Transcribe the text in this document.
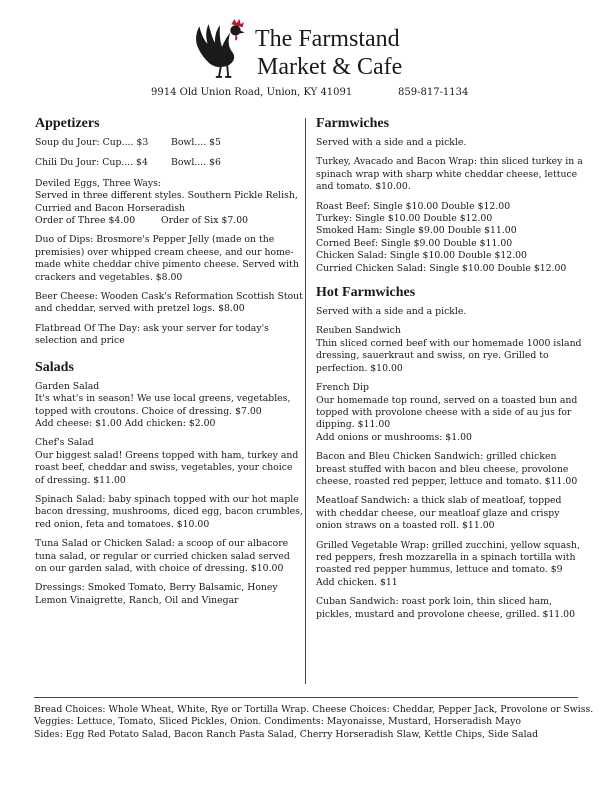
The Farmstand
Market & Cafe
9914 Old Union Road, Union, KY 41091	859-817-1134
Appetizers
Soup du Jour: Cup.... $3 Bowl.... $5
Chili Du Jour: Cup.... $4 Bowl.... $6
Deviled Eggs, Three Ways:
Served in three different styles. Southern Pickle Relish, Curried and Bacon Horseradish
Order of Three $4.00	Order of Six $7.00
Duo of Dips: Brosmore's Pepper Jelly (made on the premisies) over whipped cream cheese, and our home-made white cheddar chive pimento cheese. Served with crackers and vegetables. $8.00
Beer Cheese: Wooden Cask's Reformation Scottish Stout and cheddar, served with pretzel logs. $8.00
Flatbread Of The Day: ask your server for today's selection and price
Salads
Garden Salad
It's what's in season! We use local greens, vegetables, topped with croutons. Choice of dressing. $7.00
Add cheese: $1.00 Add chicken: $2.00
Chef's Salad
Our biggest salad! Greens topped with ham, turkey and roast beef, cheddar and swiss, vegetables, your choice of dressing. $11.00
Spinach Salad: baby spinach topped with our hot maple bacon dressing, mushrooms, diced egg, bacon crumbles, red onion, feta and tomatoes. $10.00
Tuna Salad or Chicken Salad: a scoop of our albacore tuna salad, or regular or curried chicken salad served on our garden salad, with choice of dressing. $10.00
Dressings: Smoked Tomato, Berry Balsamic, Honey Lemon Vinaigrette, Ranch, Oil and Vinegar
Farmwiches
Served with a side and a pickle.
Turkey, Avacado and Bacon Wrap: thin sliced turkey in a spinach wrap with sharp white cheddar cheese, lettuce and tomato. $10.00.
Roast Beef: Single $10.00 Double $12.00
Turkey: Single $10.00 Double $12.00
Smoked Ham: Single $9.00 Double $11.00
Corned Beef: Single $9.00 Double $11.00
Chicken Salad: Single $10.00 Double $12.00
Curried Chicken Salad: Single $10.00 Double $12.00
Hot Farmwiches
Served with a side and a pickle.
Reuben Sandwich
Thin sliced corned beef with our homemade 1000 island dressing, sauerkraut and swiss, on rye. Grilled to perfection. $10.00
French Dip
Our homemade top round, served on a toasted bun and topped with provolone cheese with a side of au jus for dipping. $11.00
Add onions or mushrooms: $1.00
Bacon and Bleu Chicken Sandwich: grilled chicken breast stuffed with bacon and bleu cheese, provolone cheese, roasted red pepper, lettuce and tomato. $11.00
Meatloaf Sandwich: a thick slab of meatloaf, topped with cheddar cheese, our meatloaf glaze and crispy onion straws on a toasted roll. $11.00
Grilled Vegetable Wrap: grilled zucchini, yellow squash, red peppers, fresh mozzarella in a spinach tortilla with roasted red pepper hummus, lettuce and tomato. $9 Add chicken. $11
Cuban Sandwich: roast pork loin, thin sliced ham, pickles, mustard and provolone cheese, grilled. $11.00

Bread Choices: Whole Wheat, White, Rye or Tortilla Wrap. Cheese Choices: Cheddar, Pepper Jack, Provolone or Swiss. Veggies: Lettuce, Tomato, Sliced Pickles, Onion. Condiments: Mayonaisse, Mustard, Horseradish Mayo

Sides: Egg Red Potato Salad, Bacon Ranch Pasta Salad, Cherry Horseradish Slaw, Kettle Chips, Side Salad
